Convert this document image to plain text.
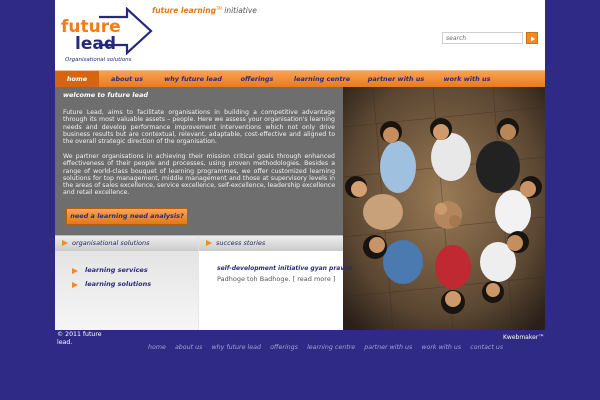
future
lead
Organisational solutions
future learning™ initiative
search
home	about us	why future lead	offerings	learning centre	partner with us	work with us
welcome to future lead

Future Lead, aims to facilitate organisations in building a competitive advantage through its most valuable assets – people. Here we assess your organisation's learning needs and develop performance improvement interventions which not only drive business results but are contextual, relevant, adaptable, cost-effective and aligned to the overall strategic direction of the organisation.

We partner organisations in achieving their mission critical goals through enhanced effectiveness of their people and processes, using proven methodologies. Besides a range of world-class bouquet of learning programmes, we offer customized learning solutions for top management, middle management and those at supervisory levels in the areas of sales excellence, service excellence, self-excellence, leadership excellence and retail excellence.

need a learning need analysis?
organisational solutions	success stories
learning services
learning solutions
self-development initiative gyan pravah
Padhoge toh Badhoge. [ read more ]
© 2011 future lead.
home about us why future lead offerings learning centre partner with us work with us contact us
Kwebmaker™
